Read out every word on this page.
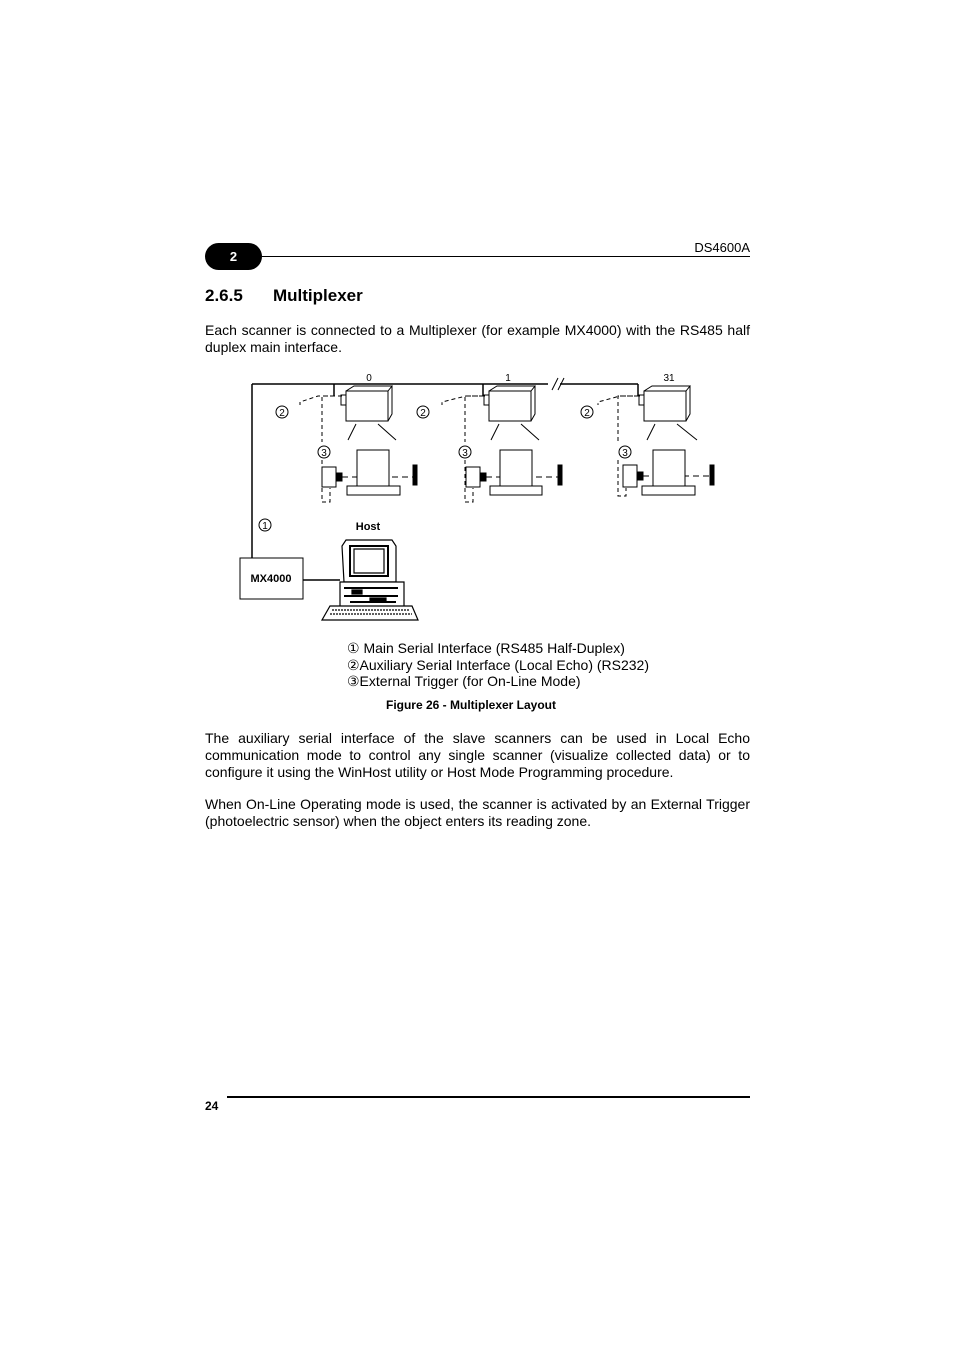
2
DS4600A
2.6.5 Multiplexer
Each scanner is connected to a Multiplexer (for example MX4000) with the RS485 half duplex main interface.
0
2
3
1
2
3
31
2
3
1
MX4000
Host
① Main Serial Interface (RS485 Half-Duplex)
②Auxiliary Serial Interface (Local Echo) (RS232)
③External Trigger (for On-Line Mode)
Figure 26 - Multiplexer Layout
The auxiliary serial interface of the slave scanners can be used in Local Echo communication mode to control any single scanner (visualize collected data) or to configure it using the WinHost utility or Host Mode Programming procedure.
When On-Line Operating mode is used, the scanner is activated by an External Trigger (photoelectric sensor) when the object enters its reading zone.
24
